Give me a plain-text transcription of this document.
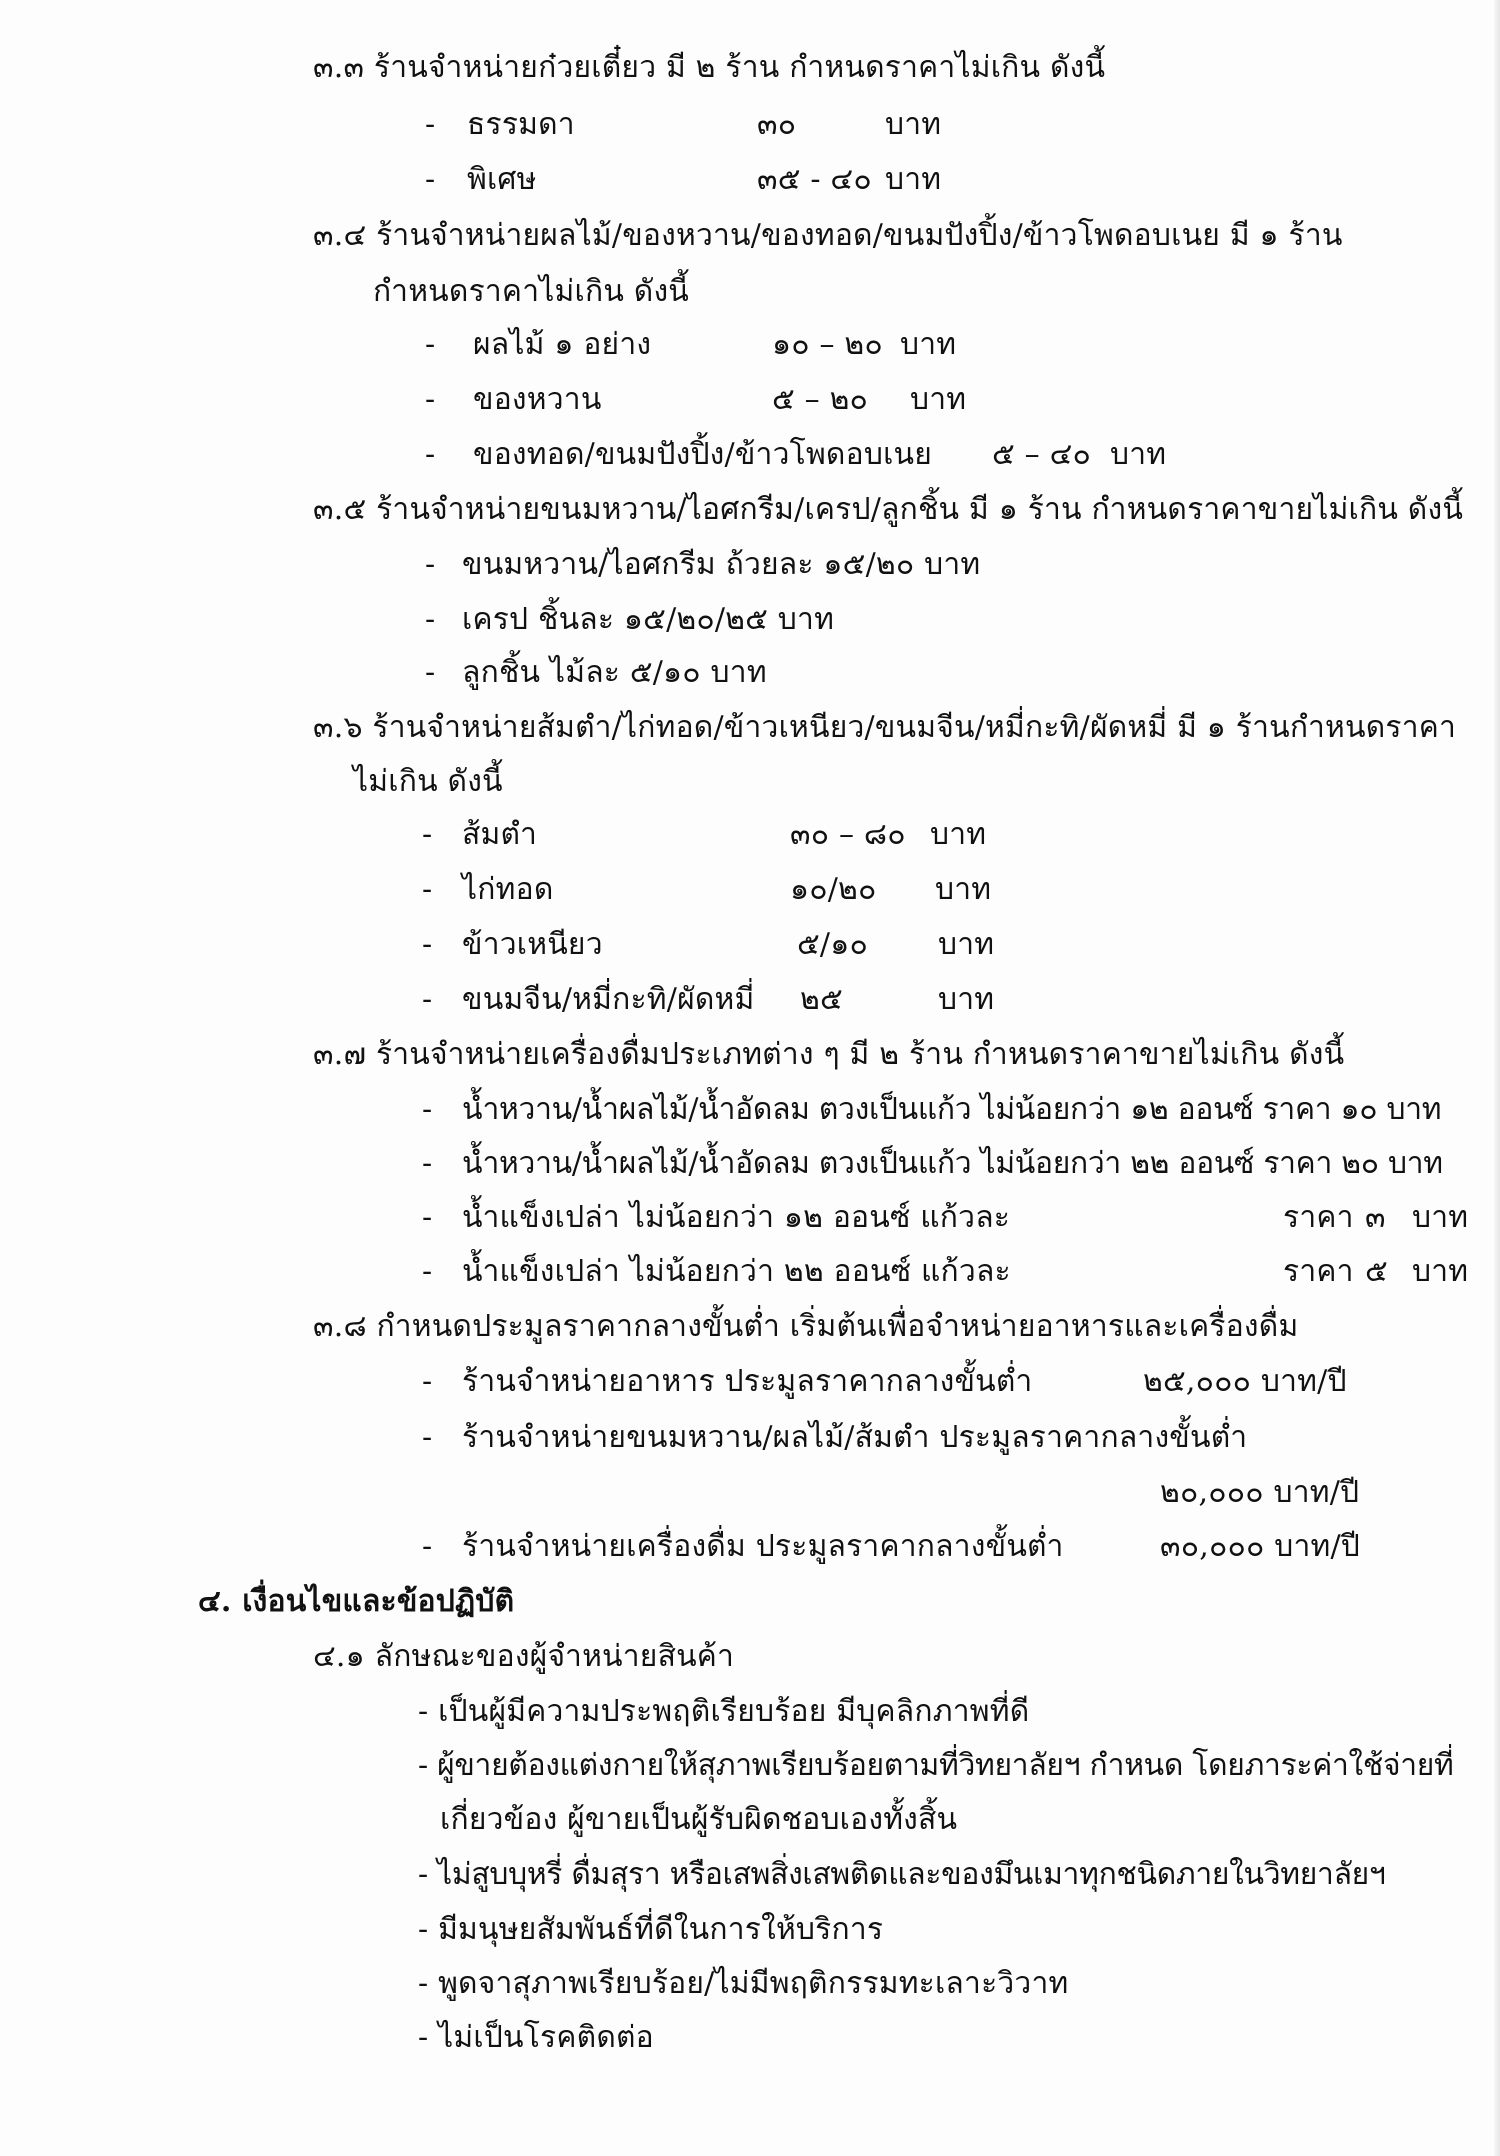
๓.๓ ร้านจำหน่ายก๋วยเตี๋ยว มี ๒ ร้าน กำหนดราคาไม่เกิน ดังนี้
- ธรรมดา	๓๐	บาท
- พิเศษ	๓๕ - ๔๐ บาท
๓.๔ ร้านจำหน่ายผลไม้/ของหวาน/ของทอด/ขนมปังปิ้ง/ข้าวโพดอบเนย มี ๑ ร้าน
กำหนดราคาไม่เกิน ดังนี้
- ผลไม้ ๑ อย่าง	๑๐ – ๒๐ บาท
- ของหวาน	๕ – ๒๐ บาท
- ของทอด/ขนมปังปิ้ง/ข้าวโพดอบเนย ๕ – ๔๐ บาท
๓.๕ ร้านจำหน่ายขนมหวาน/ไอศกรีม/เครป/ลูกชิ้น มี ๑ ร้าน กำหนดราคาขายไม่เกิน ดังนี้
- ขนมหวาน/ไอศกรีม ถ้วยละ ๑๕/๒๐ บาท
- เครป ชิ้นละ ๑๕/๒๐/๒๕ บาท
- ลูกชิ้น ไม้ละ ๕/๑๐ บาท
๓.๖ ร้านจำหน่ายส้มตำ/ไก่ทอด/ข้าวเหนียว/ขนมจีน/หมี่กะทิ/ผัดหมี่ มี ๑ ร้านกำหนดราคา
ไม่เกิน ดังนี้
- ส้มตำ	๓๐ – ๘๐ บาท
- ไก่ทอด	๑๐/๒๐ บาท
- ข้าวเหนียว	๕/๑๐ บาท
- ขนมจีน/หมี่กะทิ/ผัดหมี่ ๒๕	บาท
๓.๗ ร้านจำหน่ายเครื่องดื่มประเภทต่าง ๆ มี ๒ ร้าน กำหนดราคาขายไม่เกิน ดังนี้
- น้ำหวาน/น้ำผลไม้/น้ำอัดลม ตวงเป็นแก้ว ไม่น้อยกว่า ๑๒ ออนซ์ ราคา ๑๐ บาท
- น้ำหวาน/น้ำผลไม้/น้ำอัดลม ตวงเป็นแก้ว ไม่น้อยกว่า ๒๒ ออนซ์ ราคา ๒๐ บาท
- น้ำแข็งเปล่า ไม่น้อยกว่า ๑๒ ออนซ์ แก้วละ	ราคา ๓ บาท
- น้ำแข็งเปล่า ไม่น้อยกว่า ๒๒ ออนซ์ แก้วละ	ราคา ๕ บาท
๓.๘ กำหนดประมูลราคากลางขั้นต่ำ เริ่มต้นเพื่อจำหน่ายอาหารและเครื่องดื่ม
- ร้านจำหน่ายอาหาร ประมูลราคากลางขั้นต่ำ	๒๕,๐๐๐ บาท/ปี
- ร้านจำหน่ายขนมหวาน/ผลไม้/ส้มตำ ประมูลราคากลางขั้นต่ำ
๒๐,๐๐๐ บาท/ปี
- ร้านจำหน่ายเครื่องดื่ม ประมูลราคากลางขั้นต่ำ	๓๐,๐๐๐ บาท/ปี
๔. เงื่อนไขและข้อปฏิบัติ
๔.๑ ลักษณะของผู้จำหน่ายสินค้า
- เป็นผู้มีความประพฤติเรียบร้อย มีบุคลิกภาพที่ดี
- ผู้ขายต้องแต่งกายให้สุภาพเรียบร้อยตามที่วิทยาลัยฯ กำหนด โดยภาระค่าใช้จ่ายที่
เกี่ยวข้อง ผู้ขายเป็นผู้รับผิดชอบเองทั้งสิ้น
- ไม่สูบบุหรี่ ดื่มสุรา หรือเสพสิ่งเสพติดและของมึนเมาทุกชนิดภายในวิทยาลัยฯ
- มีมนุษยสัมพันธ์ที่ดีในการให้บริการ
- พูดจาสุภาพเรียบร้อย/ไม่มีพฤติกรรมทะเลาะวิวาท
- ไม่เป็นโรคติดต่อ
